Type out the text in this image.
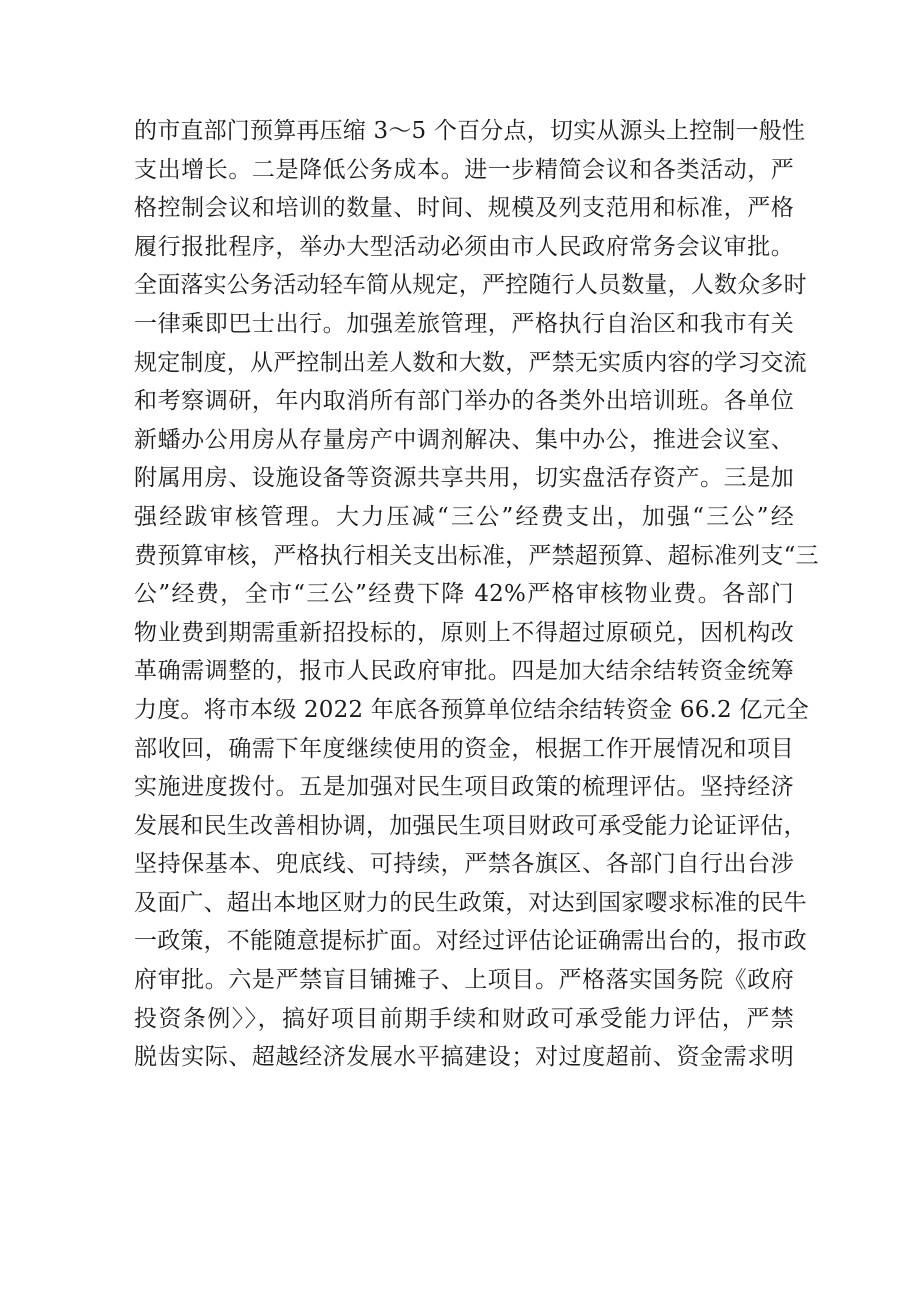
的市直部门预算再压缩 3～5 个百分点，切实从源头上控制一般性
支出增长。二是降低公务成本。进一步精简会议和各类活动，严
格控制会议和培训的数量、时间、规模及列支范用和标准，严格
履行报批程序，举办大型活动必须由市人民政府常务会议审批。
全面落实公务活动轻车简从规定，严控随行人员数量，人数众多时
一律乘即巴士出行。加强差旅管理，严格执行自治区和我市有关
规定制度，从严控制出差人数和大数，严禁无实质内容的学习交流
和考察调研，年内取消所有部门举办的各类外出培训班。各单位
新蟠办公用房从存量房产中调剂解决、集中办公，推进会议室、
附属用房、设施设备等资源共享共用，切实盘活存资产。三是加
强经跋审核管理。大力压减“三公”经费支出，加强“三公”经
费预算审核，严格执行相关支出标准，严禁超预算、超标准列支“三
公”经费，全市“三公”经费下降 42%严格审核物业费。各部门
物业费到期需重新招投标的，原则上不得超过原硕兑，因机构改
革确需调整的，报市人民政府审批。四是加大结余结转资金统筹
力度。将市本级 2022 年底各预算单位结余结转资金 66.2 亿元全
部收回，确需下年度继续使用的资金，根据工作开展情况和项目
实施进度拨付。五是加强对民生项目政策的梳理评估。坚持经济
发展和民生改善相协调，加强民生项目财政可承受能力论证评估，
坚持保基本、兜底线、可持续，严禁各旗区、各部门自行出台涉
及面广、超出本地区财力的民生政策，对达到国家嘤求标准的民牛
一政策，不能随意提标扩面。对经过评估论证确需出台的，报市政
府审批。六是严禁盲目铺摊子、上项目。严格落实国务院《政府
投资条例〉〉，搞好项目前期手续和财政可承受能力评估，严禁
脱齿实际、超越经济发展水平搞建设；对过度超前、资金需求明
